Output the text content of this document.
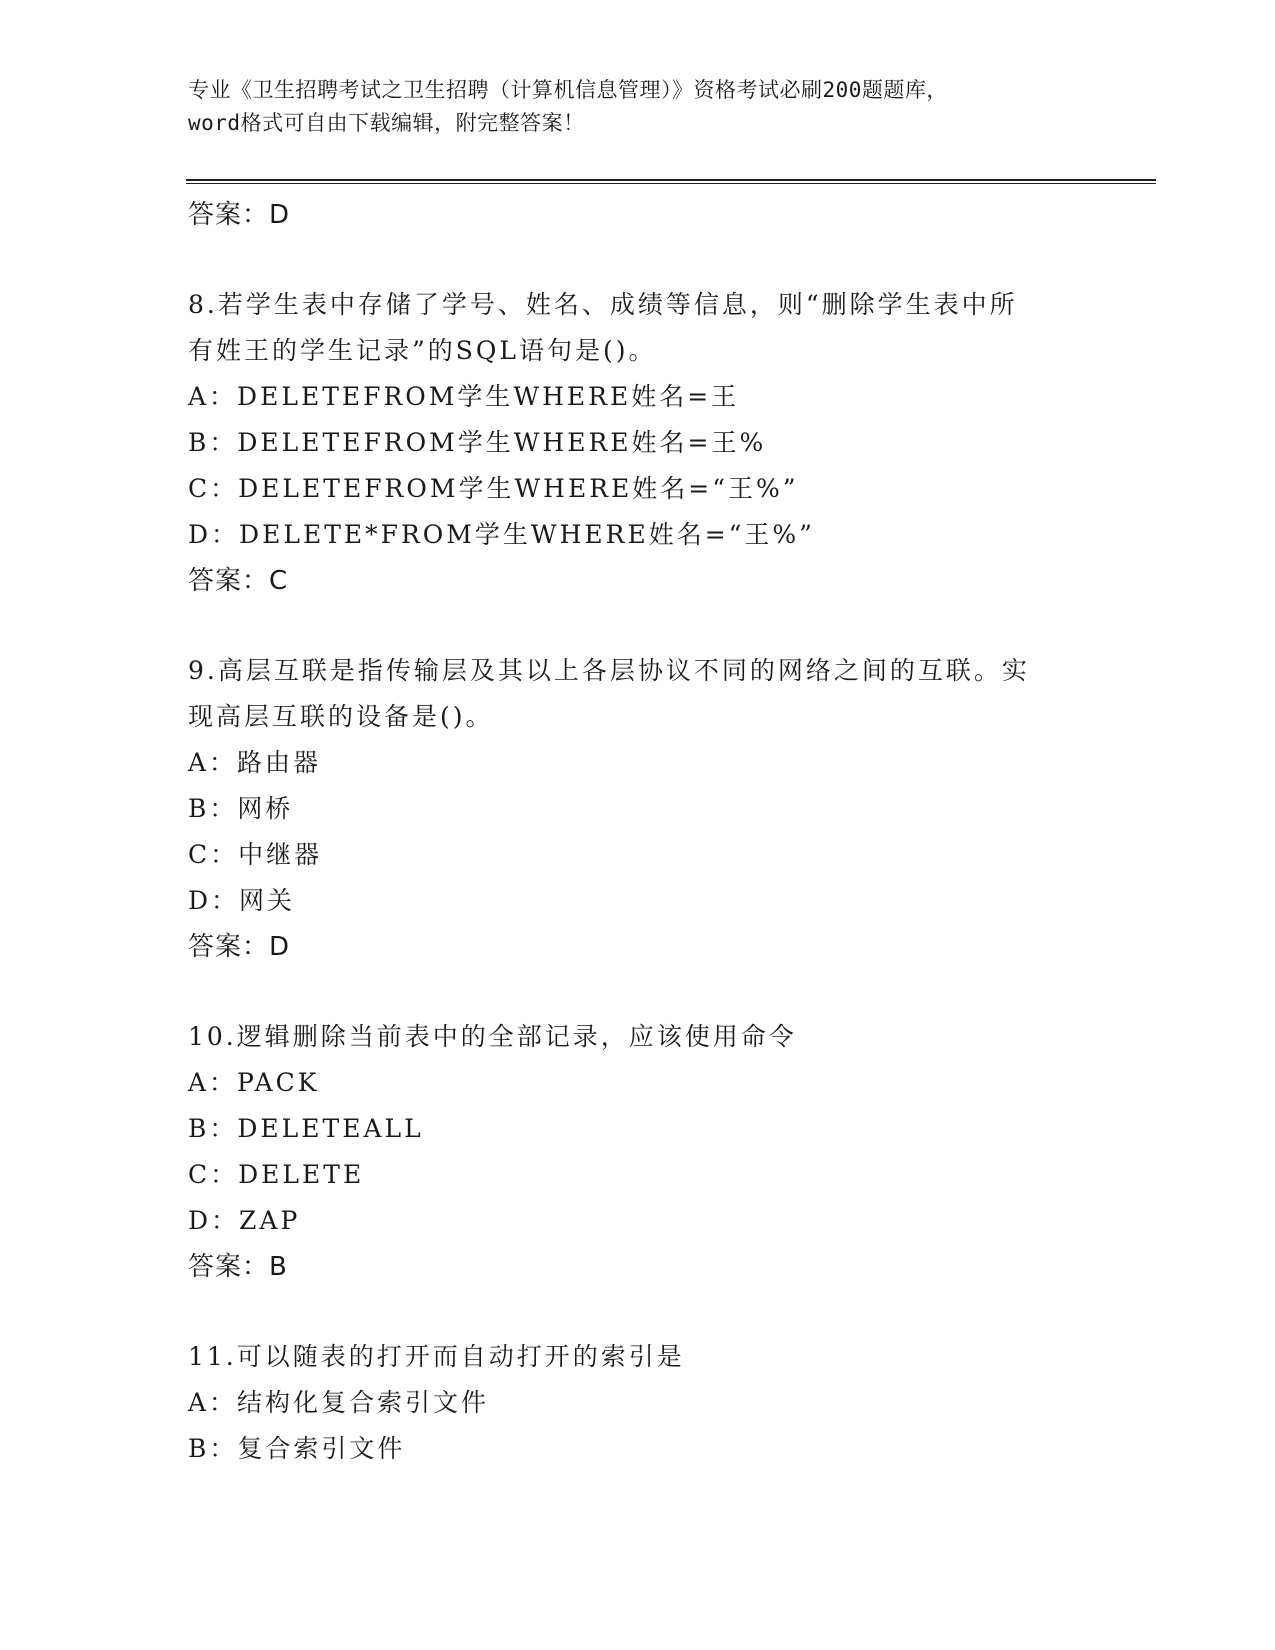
专业《卫生招聘考试之卫生招聘（计算机信息管理）》资格考试必刷200题题库，
word格式可自由下载编辑，附完整答案！
答案：D
8.若学生表中存储了学号、姓名、成绩等信息，则“删除学生表中所
有姓王的学生记录”的SQL语句是()。
A：DELETEFROM学生WHERE姓名=王
B：DELETEFROM学生WHERE姓名=王%
C：DELETEFROM学生WHERE姓名=“王%”
D：DELETE*FROM学生WHERE姓名=“王%”
答案：C
9.高层互联是指传输层及其以上各层协议不同的网络之间的互联。实
现高层互联的设备是()。
A：路由器
B：网桥
C：中继器
D：网关
答案：D
10.逻辑删除当前表中的全部记录，应该使用命令
A：PACK
B：DELETEALL
C：DELETE
D：ZAP
答案：B
11.可以随表的打开而自动打开的索引是
A：结构化复合索引文件
B：复合索引文件
